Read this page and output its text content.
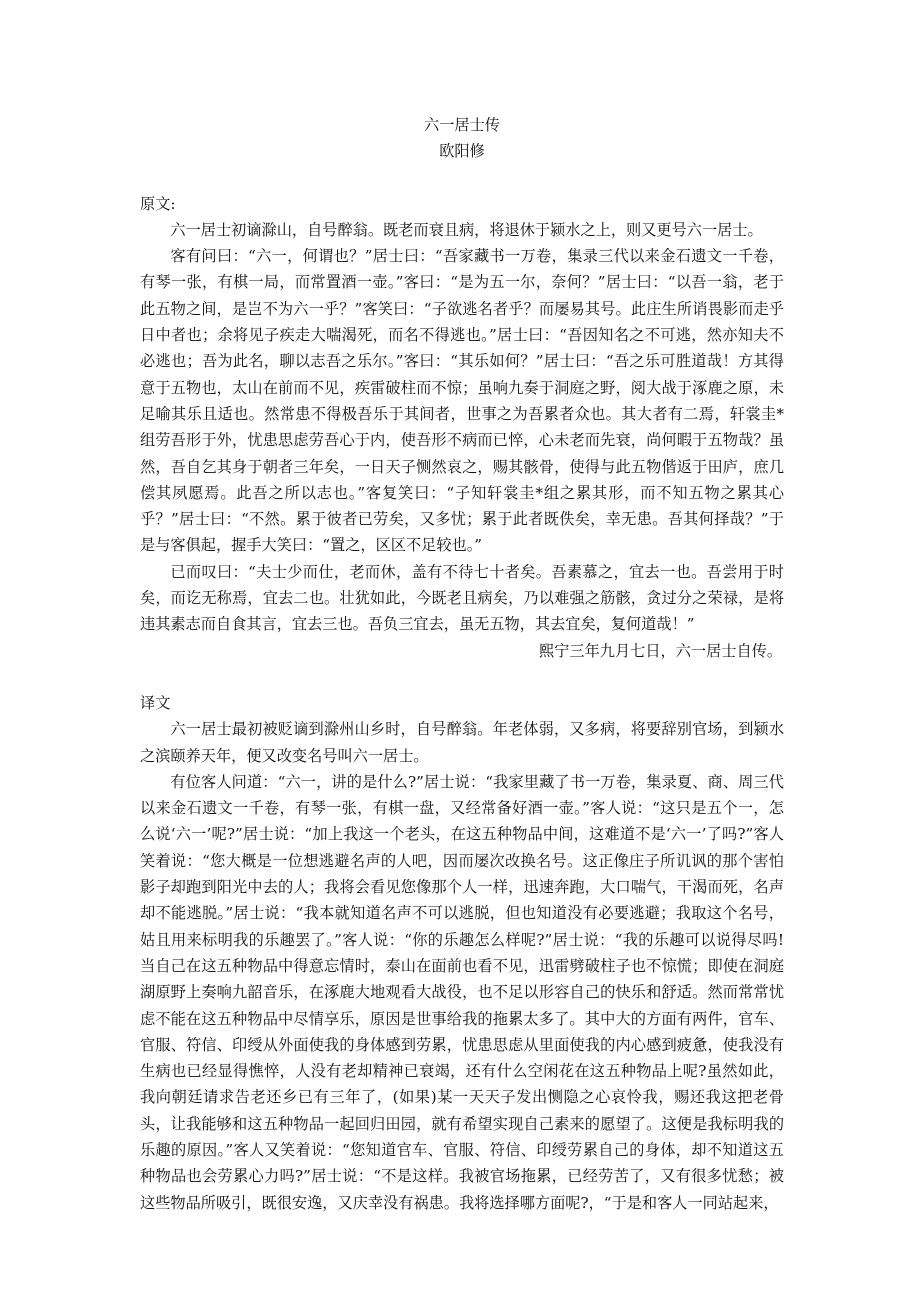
六一居士传
欧阳修

原文:

六一居士初谪滁山，自号醉翁。既老而衰且病，将退休于颍水之上，则又更号六一居士。

客有问曰：“六一，何谓也？”居士曰：“吾家藏书一万卷，集录三代以来金石遗文一千卷，有琴一张，有棋一局，而常置酒一壶。”客曰：“是为五一尔，奈何？”居士曰：“以吾一翁，老于此五物之间，是岂不为六一乎？”客笑曰：“子欲逃名者乎？而屡易其号。此庄生所诮畏影而走乎日中者也；余将见子疾走大喘渴死，而名不得逃也。”居士曰：“吾因知名之不可逃，然亦知夫不必逃也；吾为此名，聊以志吾之乐尔。”客曰：“其乐如何？”居士曰：“吾之乐可胜道哉！方其得意于五物也，太山在前而不见，疾雷破柱而不惊；虽响九奏于洞庭之野，阅大战于涿鹿之原，未足喻其乐且适也。然常患不得极吾乐于其间者，世事之为吾累者众也。其大者有二焉，轩裳圭*组劳吾形于外，忧患思虑劳吾心于内，使吾形不病而已悴，心未老而先衰，尚何暇于五物哉？虽然，吾自乞其身于朝者三年矣，一日天子恻然哀之，赐其骸骨，使得与此五物偕返于田庐，庶几偿其夙愿焉。此吾之所以志也。”客复笑曰：“子知轩裳圭*组之累其形，而不知五物之累其心乎？”居士曰：“不然。累于彼者已劳矣，又多忧；累于此者既佚矣，幸无患。吾其何择哉？”于是与客俱起，握手大笑曰：“置之，区区不足较也。”

已而叹曰：“夫士少而仕，老而休，盖有不待七十者矣。吾素慕之，宜去一也。吾尝用于时矣，而讫无称焉，宜去二也。壮犹如此，今既老且病矣，乃以难强之筋骸，贪过分之荣禄，是将违其素志而自食其言，宜去三也。吾负三宜去，虽无五物，其去宜矣，复何道哉！”

熙宁三年九月七日，六一居士自传。

译文

六一居士最初被贬谪到滁州山乡时，自号醉翁。年老体弱，又多病，将要辞别官场，到颍水之滨颐养天年，便又改变名号叫六一居士。

有位客人问道：“六一，讲的是什么?”居士说：“我家里藏了书一万卷，集录夏、商、周三代以来金石遗文一千卷，有琴一张，有棋一盘，又经常备好酒一壶。”客人说：“这只是五个一，怎么说‘六一’呢?”居士说：“加上我这一个老头，在这五种物品中间，这难道不是‘六一’了吗?”客人笑着说：“您大概是一位想逃避名声的人吧，因而屡次改换名号。这正像庄子所讥讽的那个害怕影子却跑到阳光中去的人；我将会看见您像那个人一样，迅速奔跑，大口喘气，干渴而死，名声却不能逃脱。”居士说：“我本就知道名声不可以逃脱，但也知道没有必要逃避；我取这个名号，姑且用来标明我的乐趣罢了。”客人说：“你的乐趣怎么样呢?”居士说：“我的乐趣可以说得尽吗!当自己在这五种物品中得意忘情时，泰山在面前也看不见，迅雷劈破柱子也不惊慌；即使在洞庭湖原野上奏响九韶音乐，在涿鹿大地观看大战役，也不足以形容自己的快乐和舒适。然而常常忧虑不能在这五种物品中尽情享乐，原因是世事给我的拖累太多了。其中大的方面有两件，官车、官服、符信、印绶从外面使我的身体感到劳累，忧患思虑从里面使我的内心感到疲惫，使我没有生病也已经显得憔悴，人没有老却精神已衰竭，还有什么空闲花在这五种物品上呢?虽然如此，我向朝廷请求告老还乡已有三年了，(如果)某一天天子发出恻隐之心哀怜我，赐还我这把老骨头，让我能够和这五种物品一起回归田园，就有希望实现自己素来的愿望了。这便是我标明我的乐趣的原因。”客人又笑着说：“您知道官车、官服、符信、印绶劳累自己的身体，却不知道这五种物品也会劳累心力吗?”居士说：“不是这样。我被官场拖累，已经劳苦了，又有很多忧愁；被这些物品所吸引，既很安逸，又庆幸没有祸患。我将选择哪方面呢?，“于是和客人一同站起来，
